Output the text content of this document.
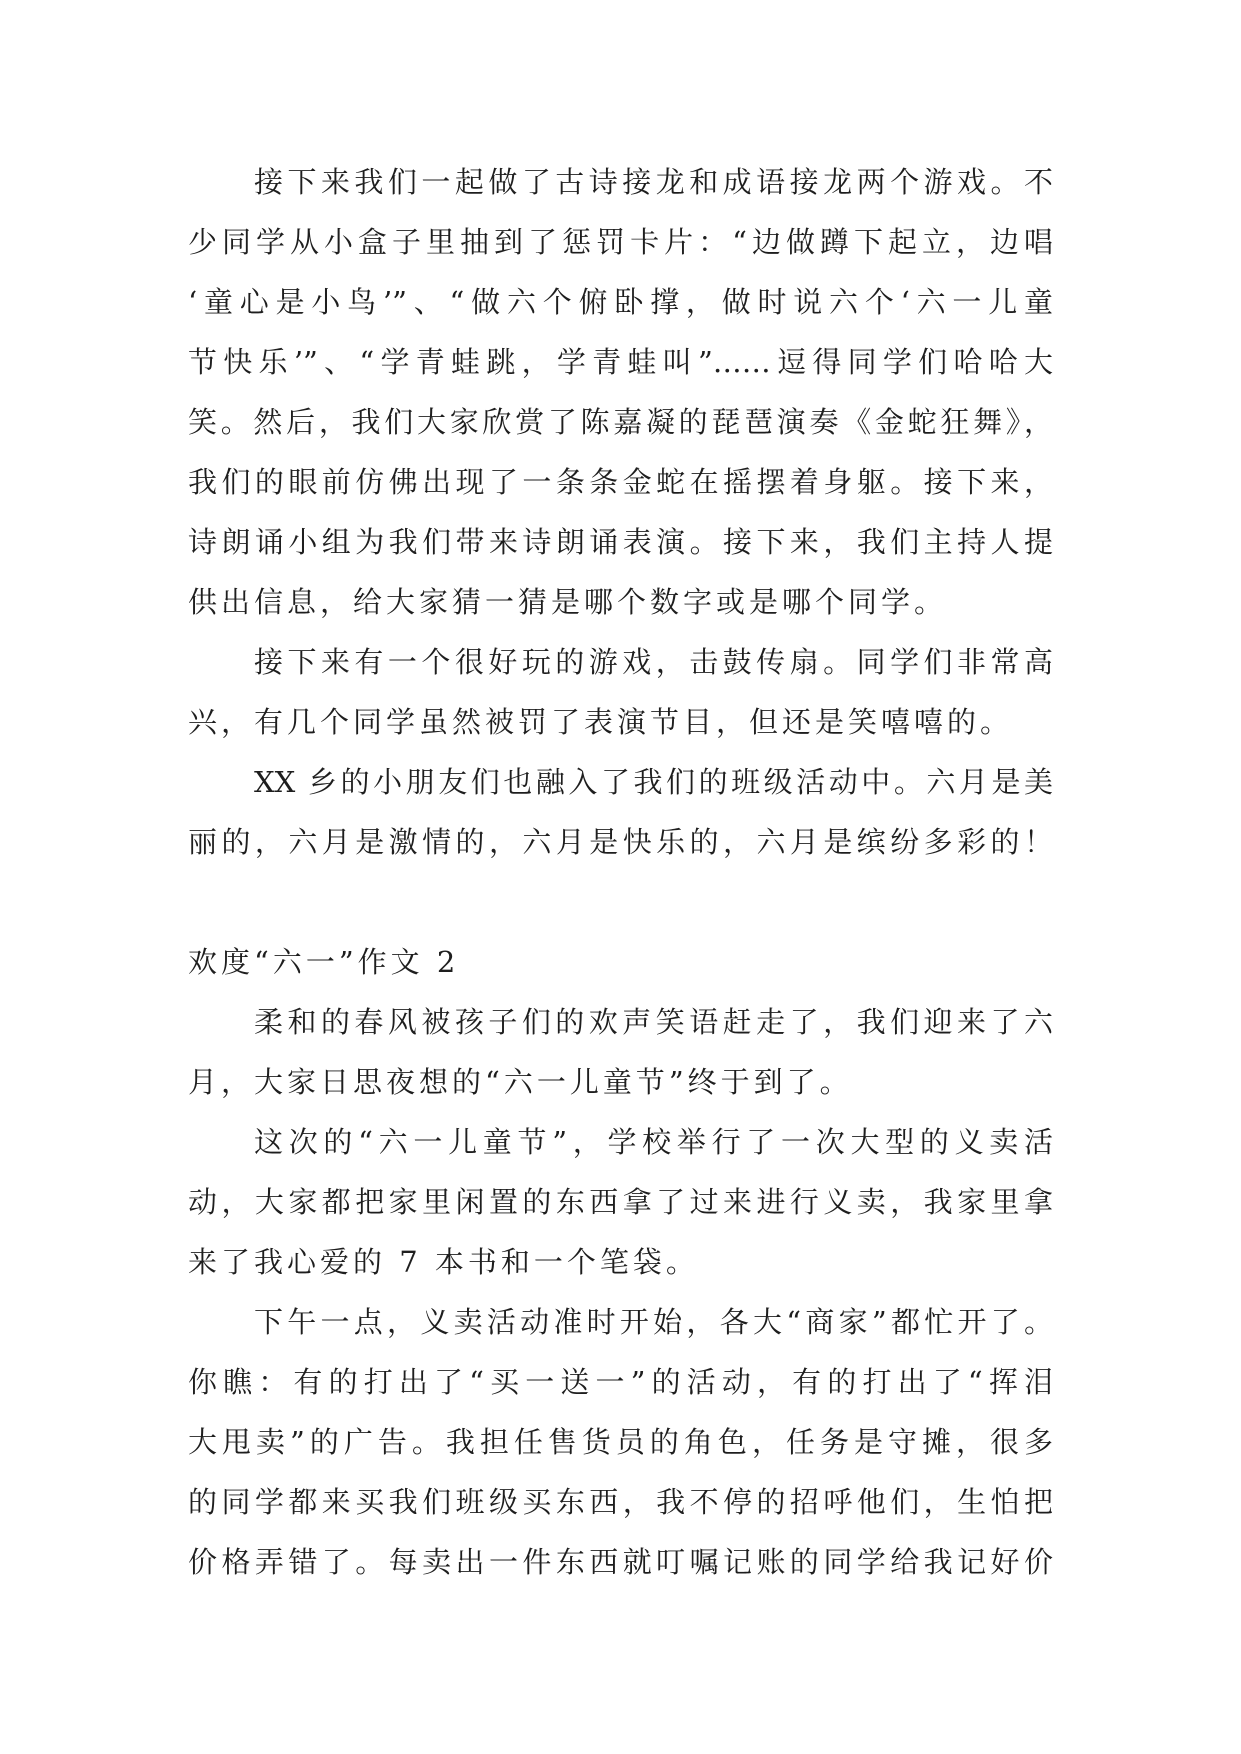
接下来我们一起做了古诗接龙和成语接龙两个游戏。不
少同学从小盒子里抽到了惩罚卡片：“边做蹲下起立，边唱
‘童心是小鸟’”、“做六个俯卧撑，做时说六个‘六一儿童
节快乐’”、“学青蛙跳，学青蛙叫”……逗得同学们哈哈大
笑。然后，我们大家欣赏了陈嘉凝的琵琶演奏《金蛇狂舞》，
我们的眼前仿佛出现了一条条金蛇在摇摆着身躯。接下来，
诗朗诵小组为我们带来诗朗诵表演。接下来，我们主持人提
供出信息，给大家猜一猜是哪个数字或是哪个同学。
接下来有一个很好玩的游戏，击鼓传扇。同学们非常高
兴，有几个同学虽然被罚了表演节目，但还是笑嘻嘻的。
XX 乡的小朋友们也融入了我们的班级活动中。六月是美
丽的，六月是激情的，六月是快乐的，六月是缤纷多彩的！
欢度“六一”作文 2
柔和的春风被孩子们的欢声笑语赶走了，我们迎来了六
月，大家日思夜想的“六一儿童节”终于到了。
这次的“六一儿童节”，学校举行了一次大型的义卖活
动，大家都把家里闲置的东西拿了过来进行义卖，我家里拿
来了我心爱的 7 本书和一个笔袋。
下午一点，义卖活动准时开始，各大“商家”都忙开了。
你瞧：有的打出了“买一送一”的活动，有的打出了“挥泪
大甩卖”的广告。我担任售货员的角色，任务是守摊，很多
的同学都来买我们班级买东西，我不停的招呼他们，生怕把
价格弄错了。每卖出一件东西就叮嘱记账的同学给我记好价
